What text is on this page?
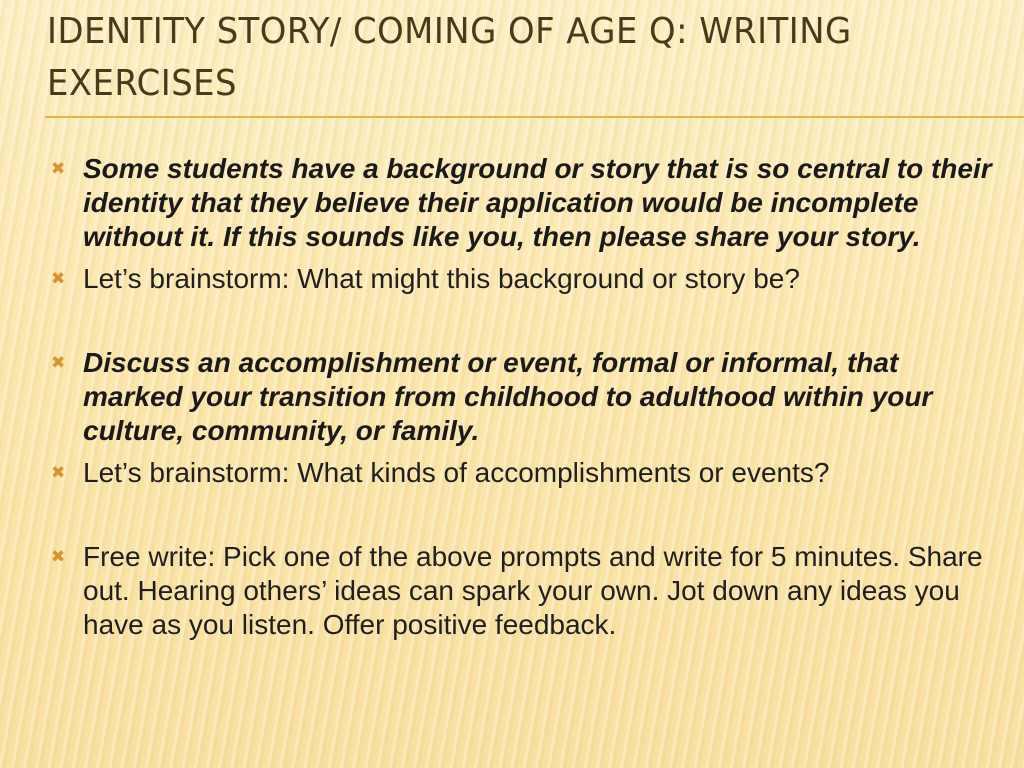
IDENTITY STORY/ COMING OF AGE Q: WRITING EXERCISES
✖ Some students have a background or story that is so central to their identity that they believe their application would be incomplete without it. If this sounds like you, then please share your story.
✖ Let’s brainstorm: What might this background or story be?
✖ Discuss an accomplishment or event, formal or informal, that marked your transition from childhood to adulthood within your culture, community, or family.
✖ Let’s brainstorm: What kinds of accomplishments or events?
✖ Free write: Pick one of the above prompts and write for 5 minutes. Share out. Hearing others’ ideas can spark your own. Jot down any ideas you have as you listen. Offer positive feedback.
